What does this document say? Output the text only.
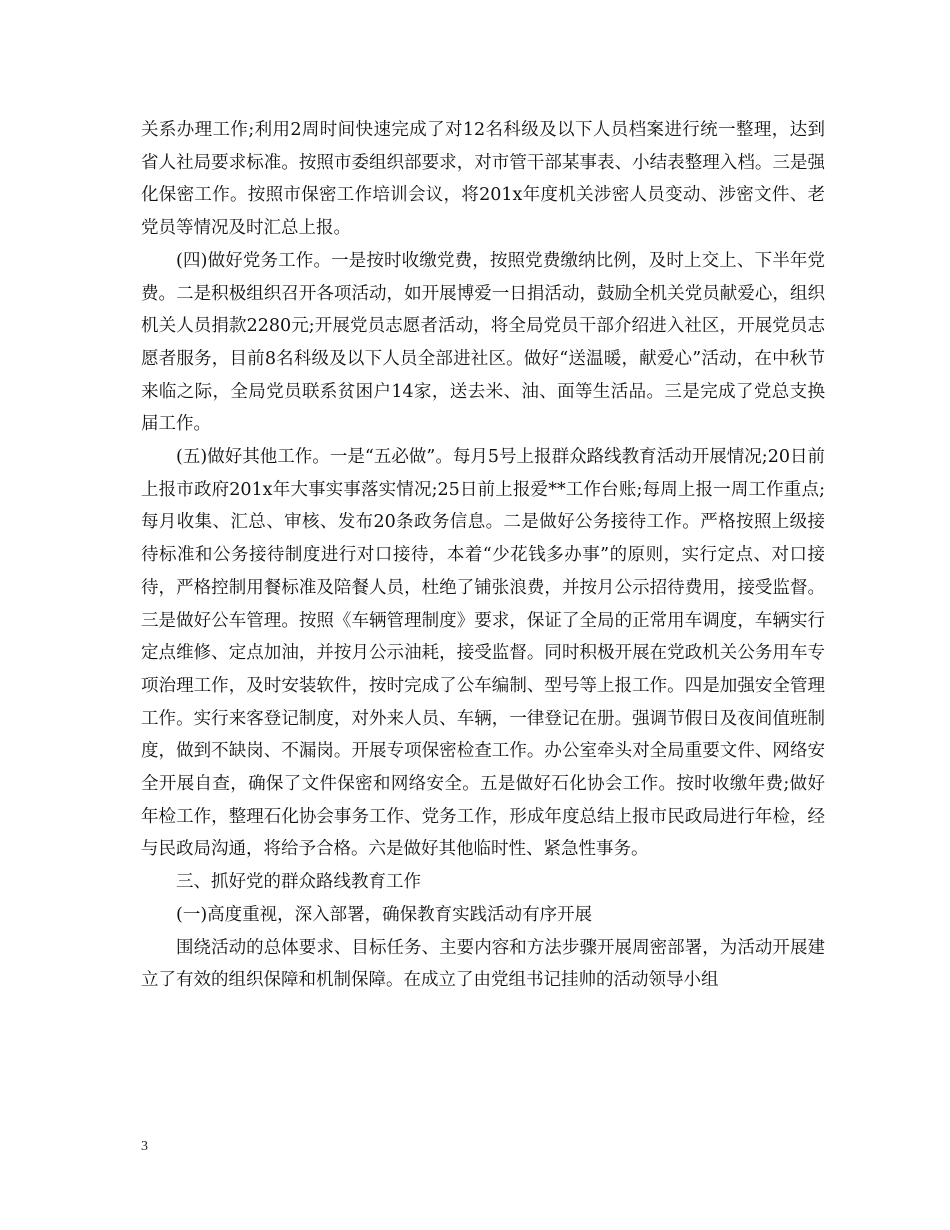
关系办理工作;利用2周时间快速完成了对12名科级及以下人员档案进行统一整理，达到省人社局要求标准。按照市委组织部要求，对市管干部某事表、小结表整理入档。三是强化保密工作。按照市保密工作培训会议，将201x年度机关涉密人员变动、涉密文件、老党员等情况及时汇总上报。

(四)做好党务工作。一是按时收缴党费，按照党费缴纳比例，及时上交上、下半年党费。二是积极组织召开各项活动，如开展博爱一日捐活动，鼓励全机关党员献爱心，组织机关人员捐款2280元;开展党员志愿者活动，将全局党员干部介绍进入社区，开展党员志愿者服务，目前8名科级及以下人员全部进社区。做好“送温暖，献爱心”活动，在中秋节来临之际，全局党员联系贫困户14家，送去米、油、面等生活品。三是完成了党总支换届工作。

(五)做好其他工作。一是“五必做”。每月5号上报群众路线教育活动开展情况;20日前上报市政府201x年大事实事落实情况;25日前上报爱**工作台账;每周上报一周工作重点;每月收集、汇总、审核、发布20条政务信息。二是做好公务接待工作。严格按照上级接待标准和公务接待制度进行对口接待，本着“少花钱多办事”的原则，实行定点、对口接待，严格控制用餐标准及陪餐人员，杜绝了铺张浪费，并按月公示招待费用，接受监督。三是做好公车管理。按照《车辆管理制度》要求，保证了全局的正常用车调度，车辆实行定点维修、定点加油，并按月公示油耗，接受监督。同时积极开展在党政机关公务用车专项治理工作，及时安装软件，按时完成了公车编制、型号等上报工作。四是加强安全管理工作。实行来客登记制度，对外来人员、车辆，一律登记在册。强调节假日及夜间值班制度，做到不缺岗、不漏岗。开展专项保密检查工作。办公室牵头对全局重要文件、网络安全开展自查，确保了文件保密和网络安全。五是做好石化协会工作。按时收缴年费;做好年检工作，整理石化协会事务工作、党务工作，形成年度总结上报市民政局进行年检，经与民政局沟通，将给予合格。六是做好其他临时性、紧急性事务。

三、抓好党的群众路线教育工作

(一)高度重视，深入部署，确保教育实践活动有序开展

围绕活动的总体要求、目标任务、主要内容和方法步骤开展周密部署，为活动开展建立了有效的组织保障和机制保障。在成立了由党组书记挂帅的活动领导小组

3
